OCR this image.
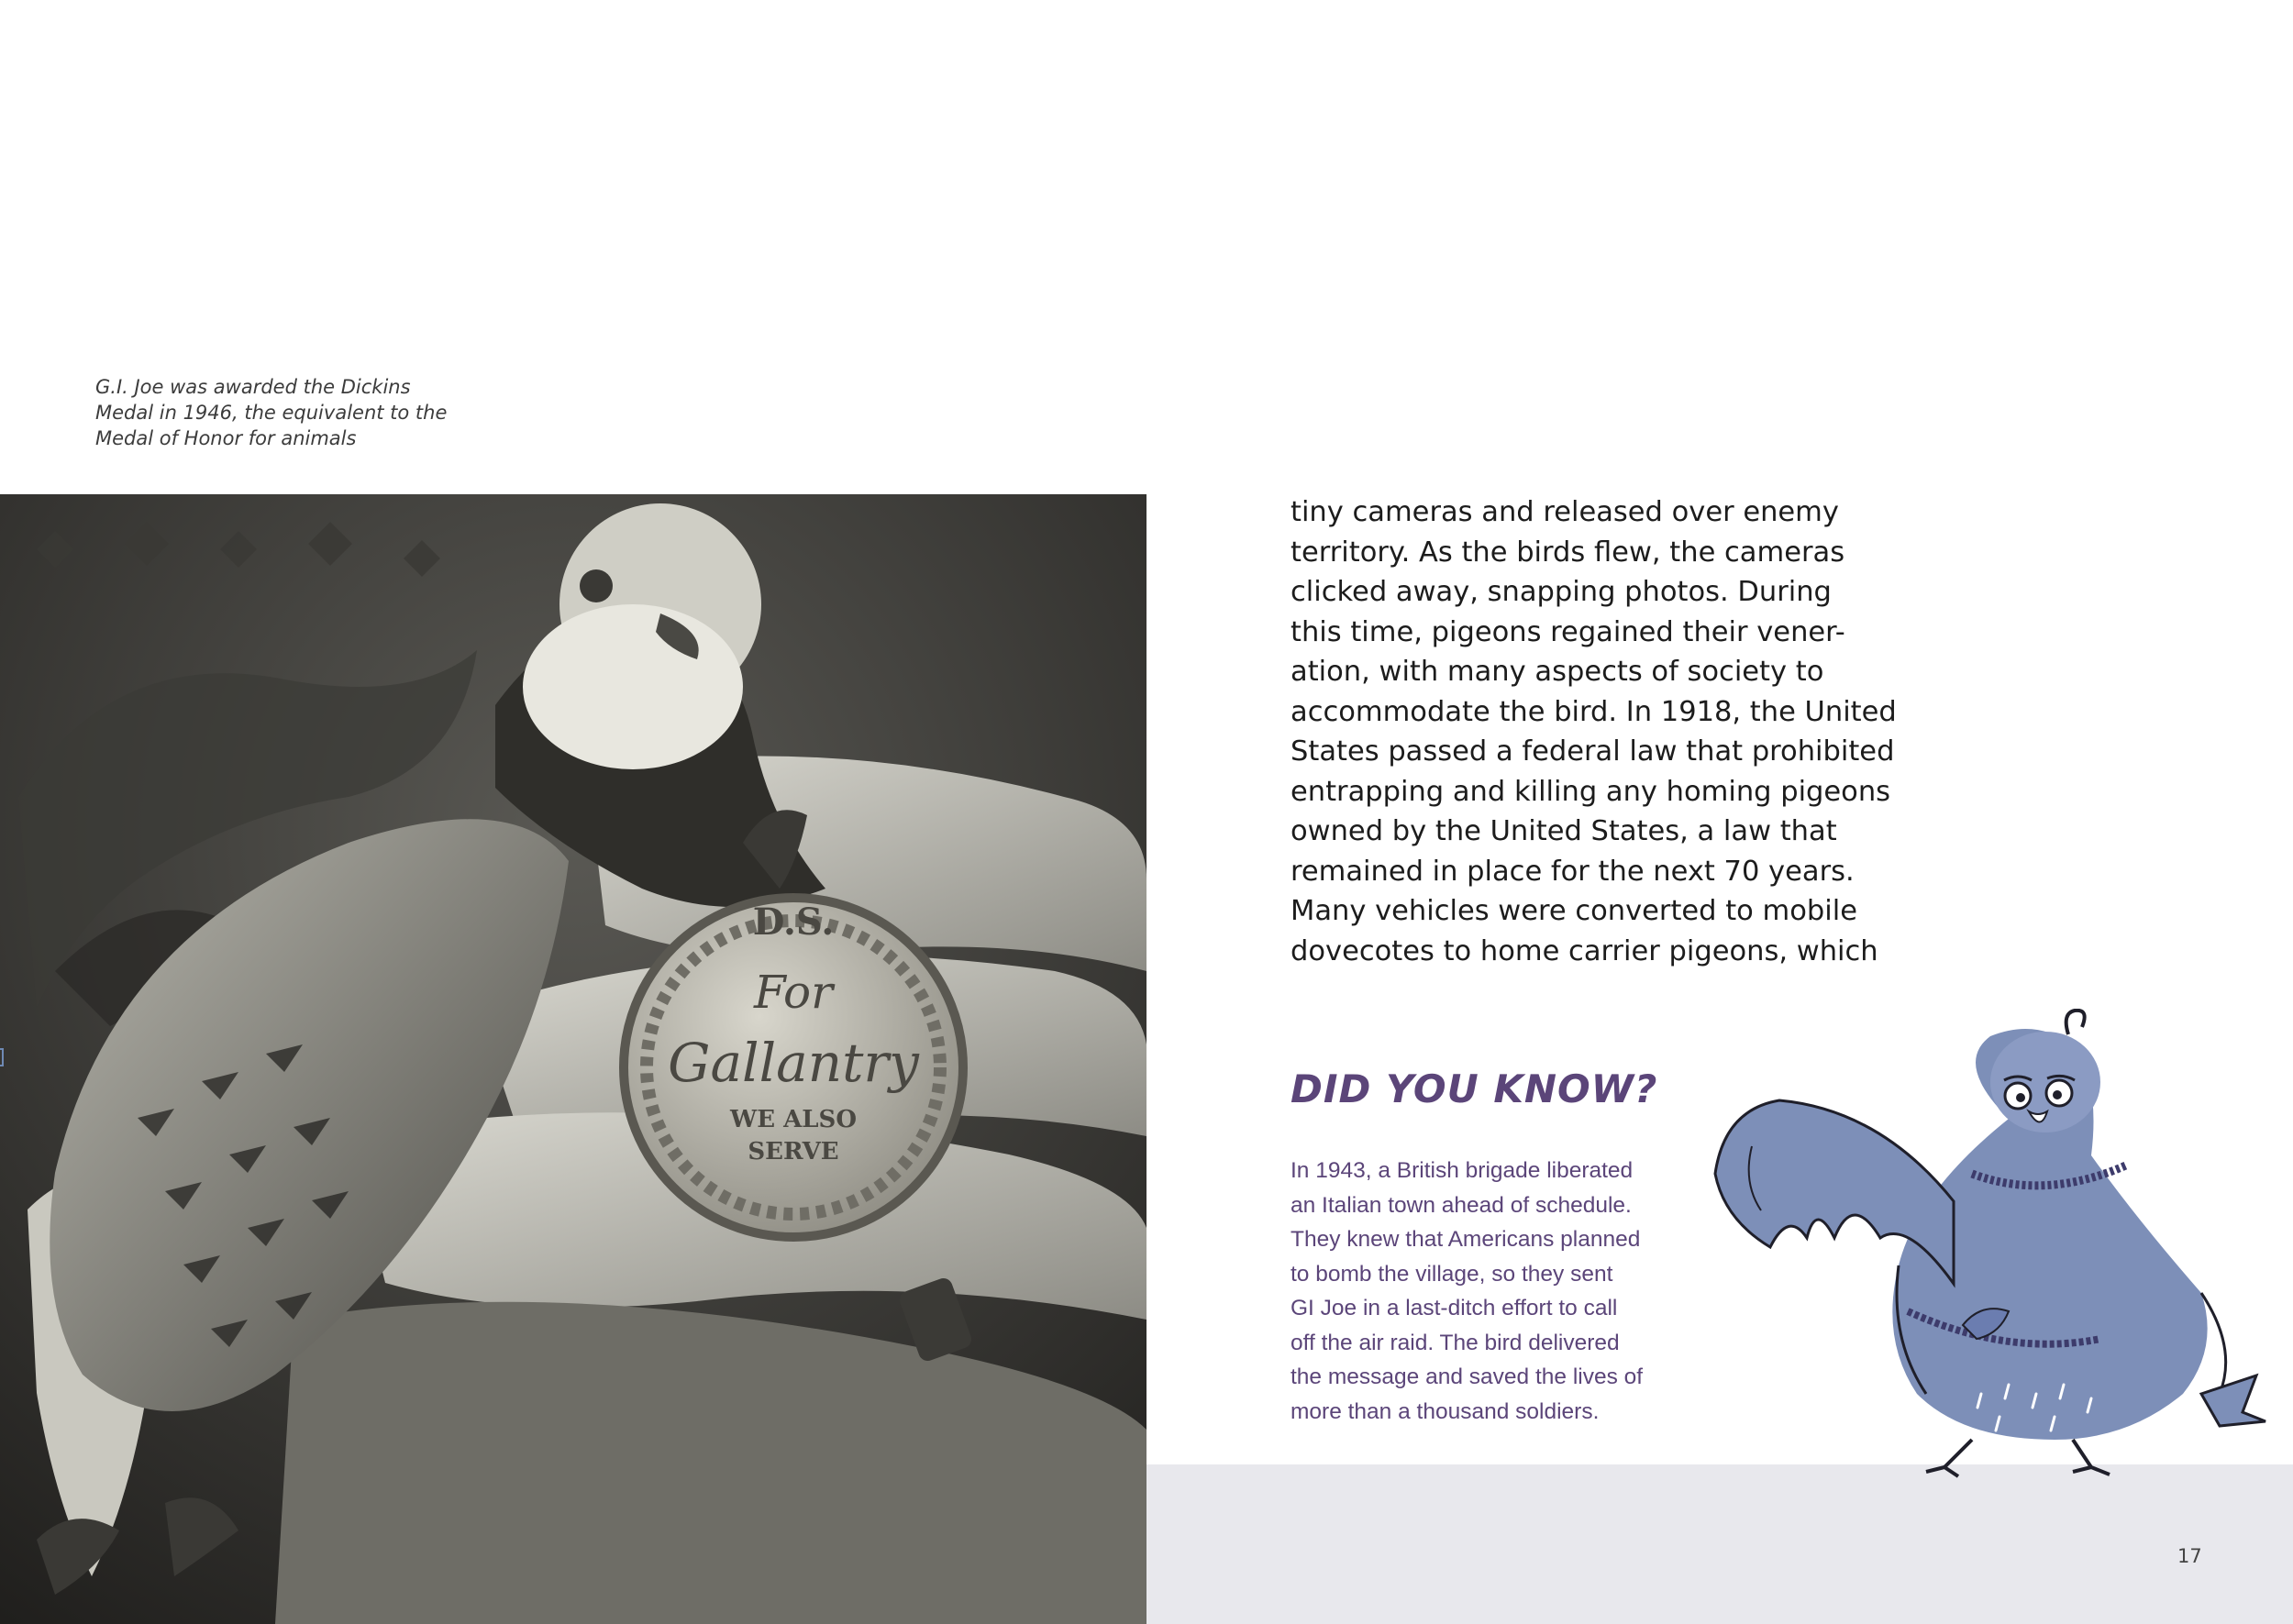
G.I. Joe was awarded the Dickins
Medal in 1946, the equivalent to the
Medal of Honor for animals
D.S.
For
Gallantry
WE ALSO
SERVE
tiny cameras and released over enemy
territory. As the birds flew, the cameras
clicked away, snapping photos. During
this time, pigeons regained their vener-
ation, with many aspects of society to
accommodate the bird. In 1918, the United
States passed a federal law that prohibited
entrapping and killing any homing pigeons
owned by the United States, a law that
remained in place for the next 70 years.
Many vehicles were converted to mobile
dovecotes to home carrier pigeons, which
DID YOU KNOW?
In 1943, a British brigade liberated
an Italian town ahead of schedule.
They knew that Americans planned
to bomb the village, so they sent
GI Joe in a last-ditch effort to call
off the air raid. The bird delivered
the message and saved the lives of
more than a thousand soldiers.
17
